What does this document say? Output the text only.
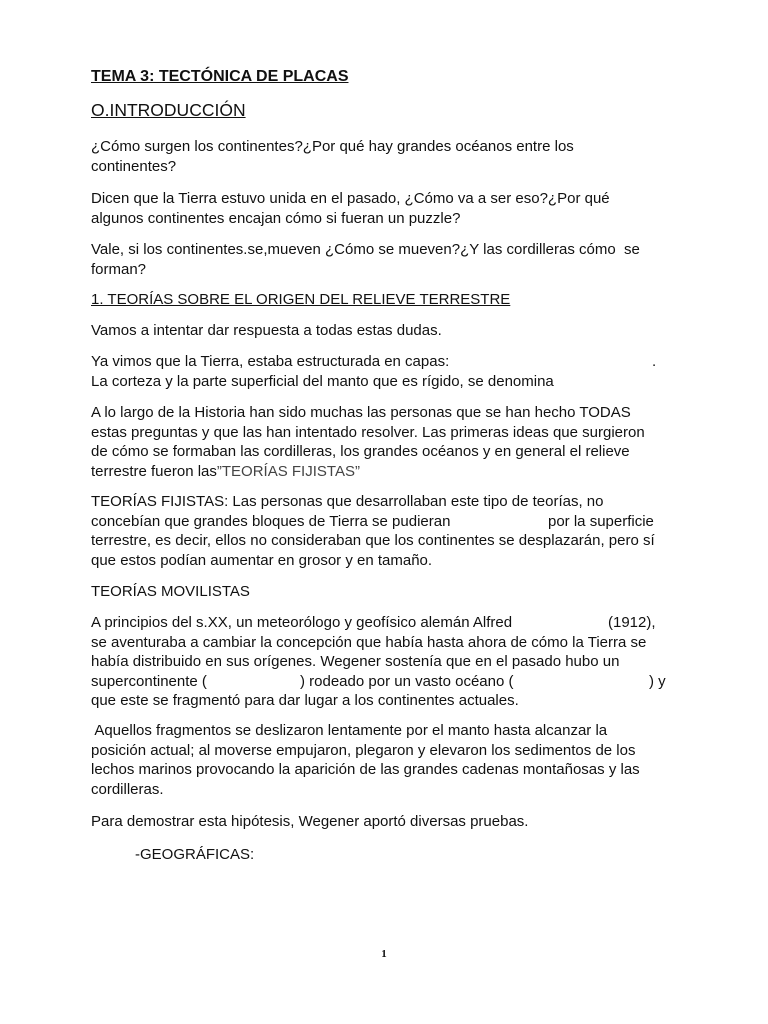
TEMA 3: TECTÓNICA DE PLACAS

O.INTRODUCCIÓN

¿Cómo surgen los continentes?¿Por qué hay grandes océanos entre los
continentes?

Dicen que la Tierra estuvo unida en el pasado, ¿Cómo va a ser eso?¿Por qué
algunos continentes encajan cómo si fueran un puzzle?

Vale, si los continentes.se,mueven ¿Cómo se mueven?¿Y las cordilleras cómo  se
forman?

1. TEORÍAS SOBRE EL ORIGEN DEL RELIEVE TERRESTRE

Vamos a intentar dar respuesta a todas estas dudas.

Ya vimos que la Tierra, estaba estructurada en capas:	.
La corteza y la parte superficial del manto que es rígido, se denomina

A lo largo de la Historia han sido muchas las personas que se han hecho TODAS
estas preguntas y que las han intentado resolver. Las primeras ideas que surgieron
de cómo se formaban las cordilleras, los grandes océanos y en general el relieve
terrestre fueron las”TEORÍAS FIJISTAS”

TEORÍAS FIJISTAS: Las personas que desarrollaban este tipo de teorías, no
concebían que grandes bloques de Tierra se pudieran	por la superficie
terrestre, es decir, ellos no consideraban que los continentes se desplazarán, pero sí
que estos podían aumentar en grosor y en tamaño.

TEORÍAS MOVILISTAS

A principios del s.XX, un meteorólogo y geofísico alemán Alfred	(1912),
se aventuraba a cambiar la concepción que había hasta ahora de cómo la Tierra se
había distribuido en sus orígenes. Wegener sostenía que en el pasado hubo un
supercontinente (	) rodeado por un vasto océano (	) y
que este se fragmentó para dar lugar a los continentes actuales.

Aquellos fragmentos se deslizaron lentamente por el manto hasta alcanzar la
posición actual; al moverse empujaron, plegaron y elevaron los sedimentos de los
lechos marinos provocando la aparición de las grandes cadenas montañosas y las
cordilleras.

Para demostrar esta hipótesis, Wegener aportó diversas pruebas.

-GEOGRÁFICAS:

1
